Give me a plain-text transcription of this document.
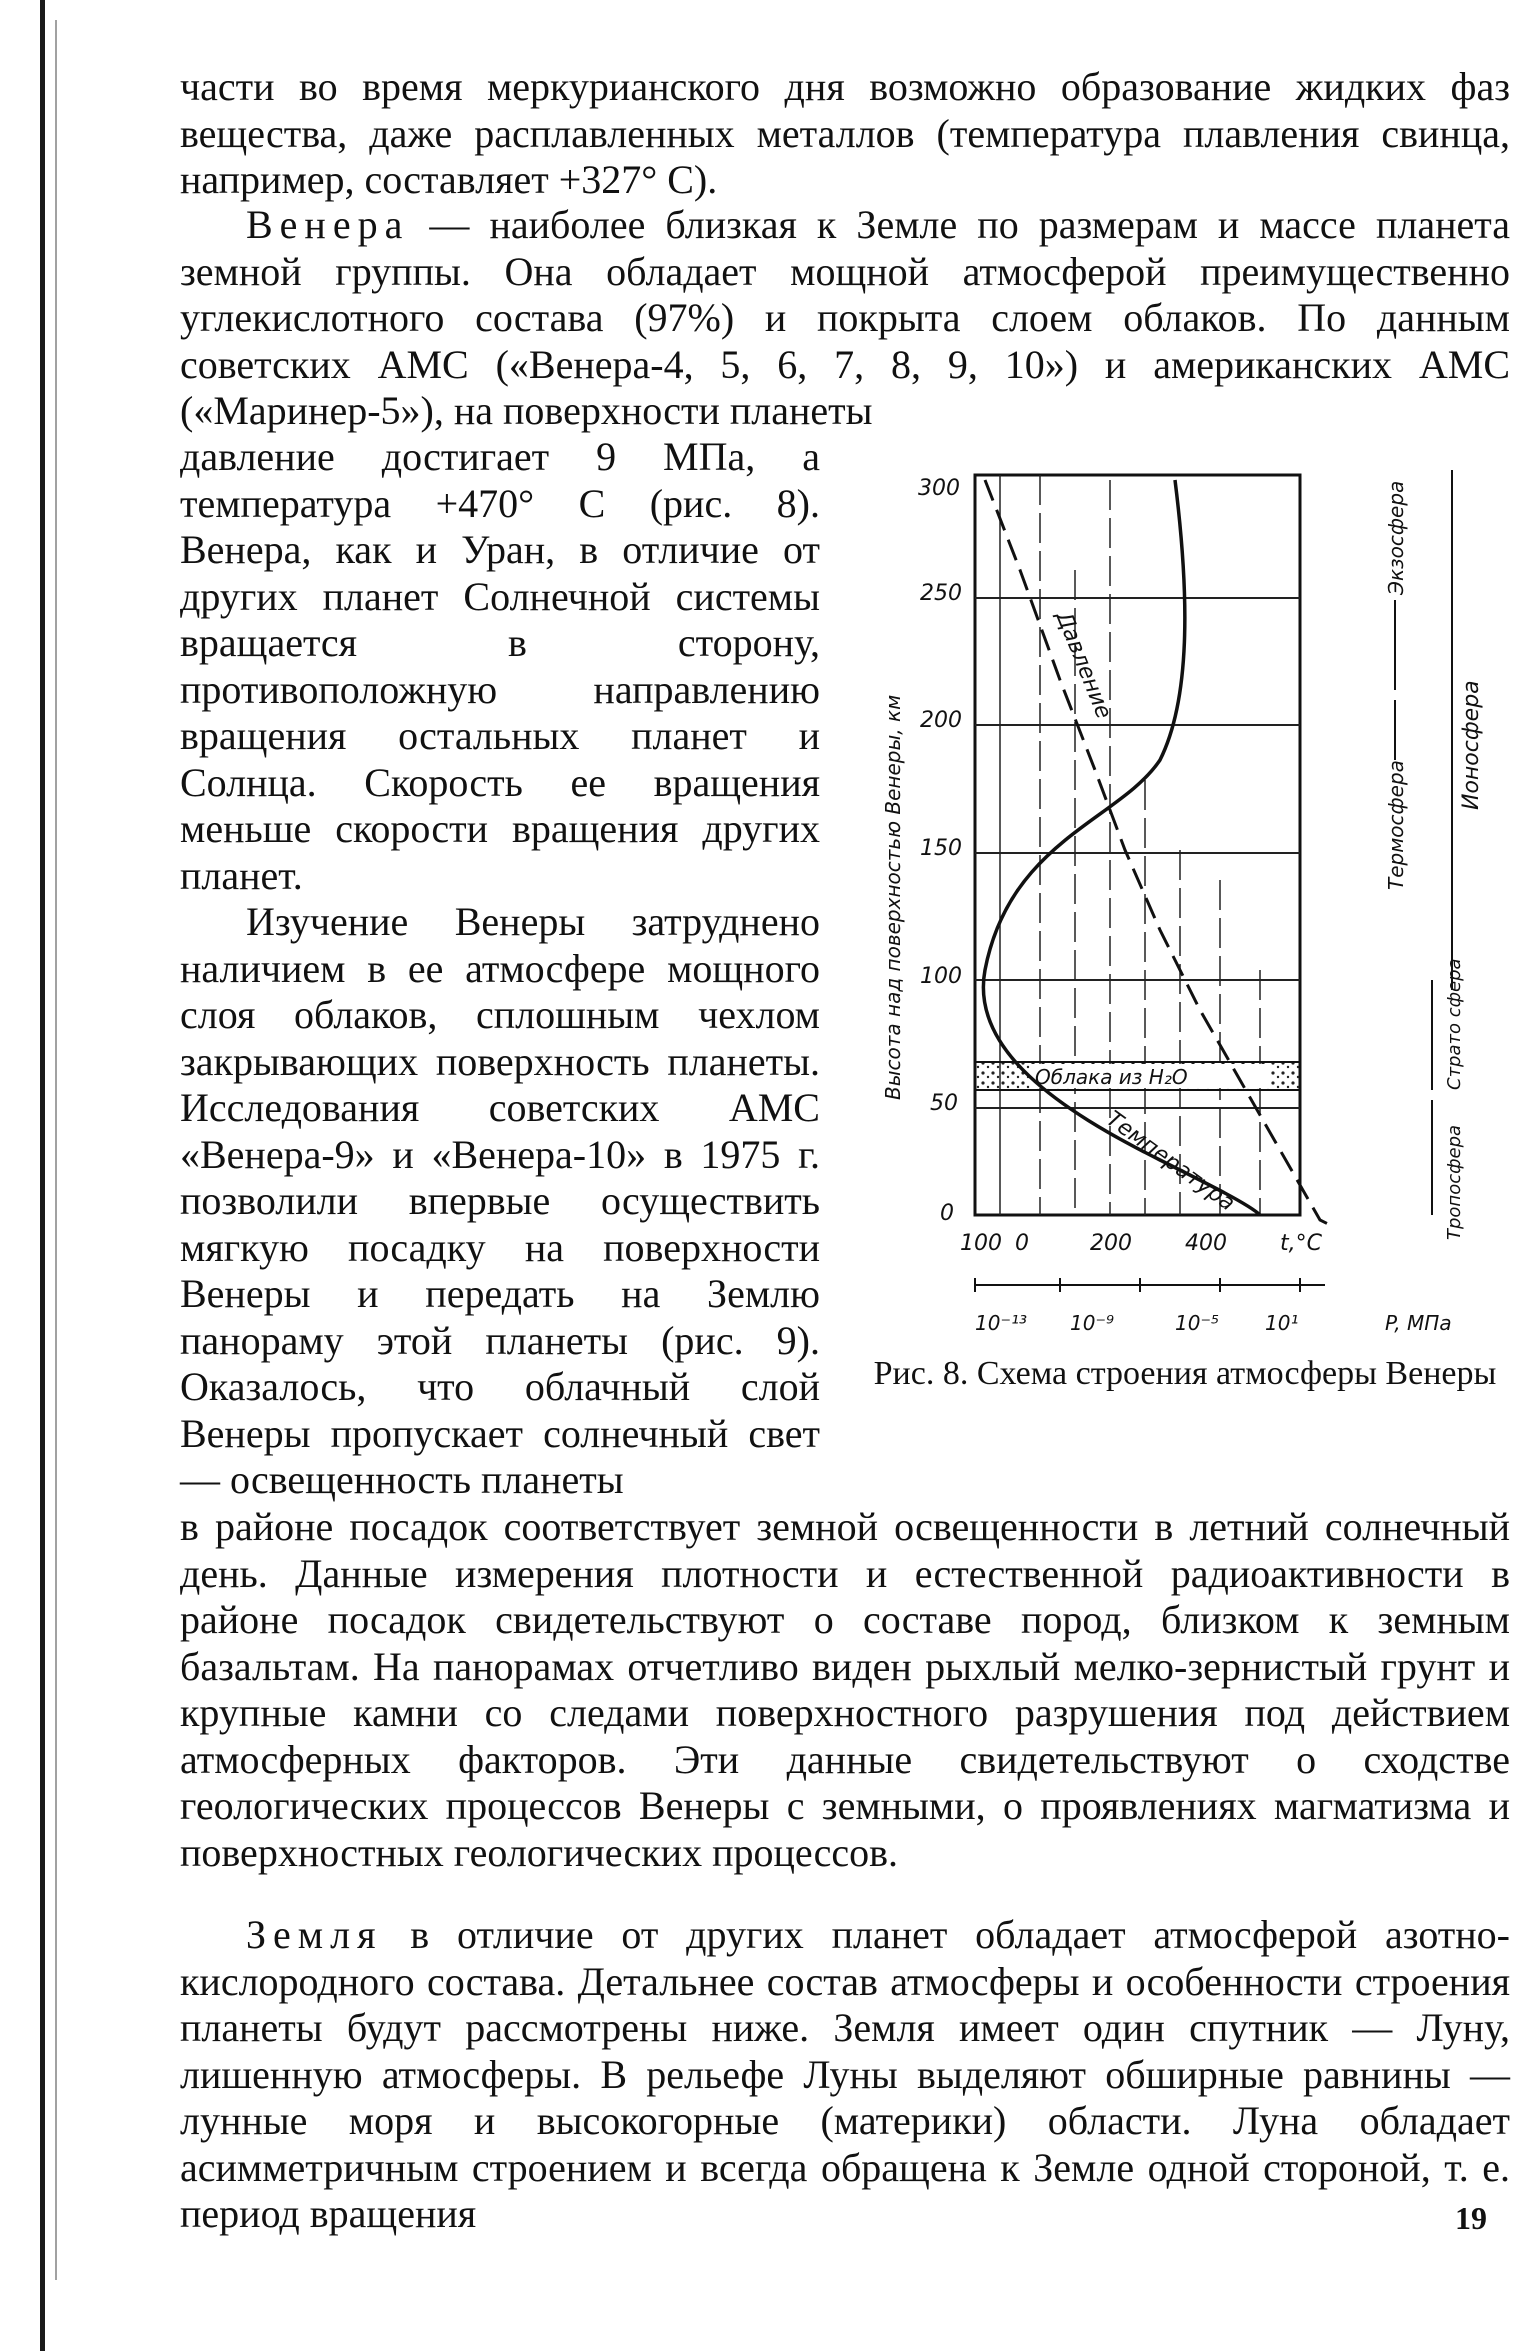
части во время меркурианского дня возможно образование жидких фаз вещества, даже расплавленных металлов (температура плавления свинца, например, составляет +327° С).

Венера — наиболее близкая к Земле по размерам и массе планета земной группы. Она обладает мощной атмосферой преимущественно углекислотного состава (97%) и покрыта слоем облаков. По данным советских АМС («Венера-4, 5, 6, 7, 8, 9, 10») и американских АМС («Маринер-5»), на поверхности планеты

давление достигает 9 МПа, а температура +470° С (рис. 8). Венера, как и Уран, в отличие от других планет Солнечной системы вращается в сторону, противоположную направлению вращения остальных планет и Солнца. Скорость ее вращения меньше скорости вращения других планет.

Изучение Венеры затруднено наличием в ее атмосфере мощного слоя облаков, сплошным чехлом закрывающих поверхность планеты. Исследования советских АМС «Венера-9» и «Венера-10» в 1975 г. позволили впервые осуществить мягкую посадку на поверхности Венеры и передать на Землю панораму этой планеты (рис. 9). Оказалось, что облачный слой Венеры пропускает солнечный свет — освещенность планеты

в районе посадок соответствует земной освещенности в летний солнечный день. Данные измерения плотности и естественной радиоактивности в районе посадок свидетельствуют о составе пород, близком к земным базальтам. На панорамах отчетливо виден рыхлый мелко-зернистый грунт и крупные камни со следами поверхностного разрушения под действием атмосферных факторов. Эти данные свидетельствуют о сходстве геологических процессов Венеры с земными, о проявлениях магматизма и поверхностных геологических процессов.

Земля в отличие от других планет обладает атмосферой азотно-кислородного состава. Детальнее состав атмосферы и особенности строения планеты будут рассмотрены ниже. Земля имеет один спутник — Луну, лишенную атмосферы. В рельефе Луны выделяют обширные равнины — лунные моря и высокогорные (материки) области. Луна обладает асимметричным строением и всегда обращена к Земле одной стороной, т. е. период вращения

Высота над поверхностью Венеры, км
300
250
200
150
100
50
0
Облака из H₂O
Давление
Температура
100 0	200 400 t,°C
10⁻¹³ 10⁻⁹	10⁻⁵ 10¹	P, МПа
Экзосфера
Термосфера
Ионосфера
Страто сфера
Тропосфера
Рис. 8. Схема строения атмосферы Венеры
19
